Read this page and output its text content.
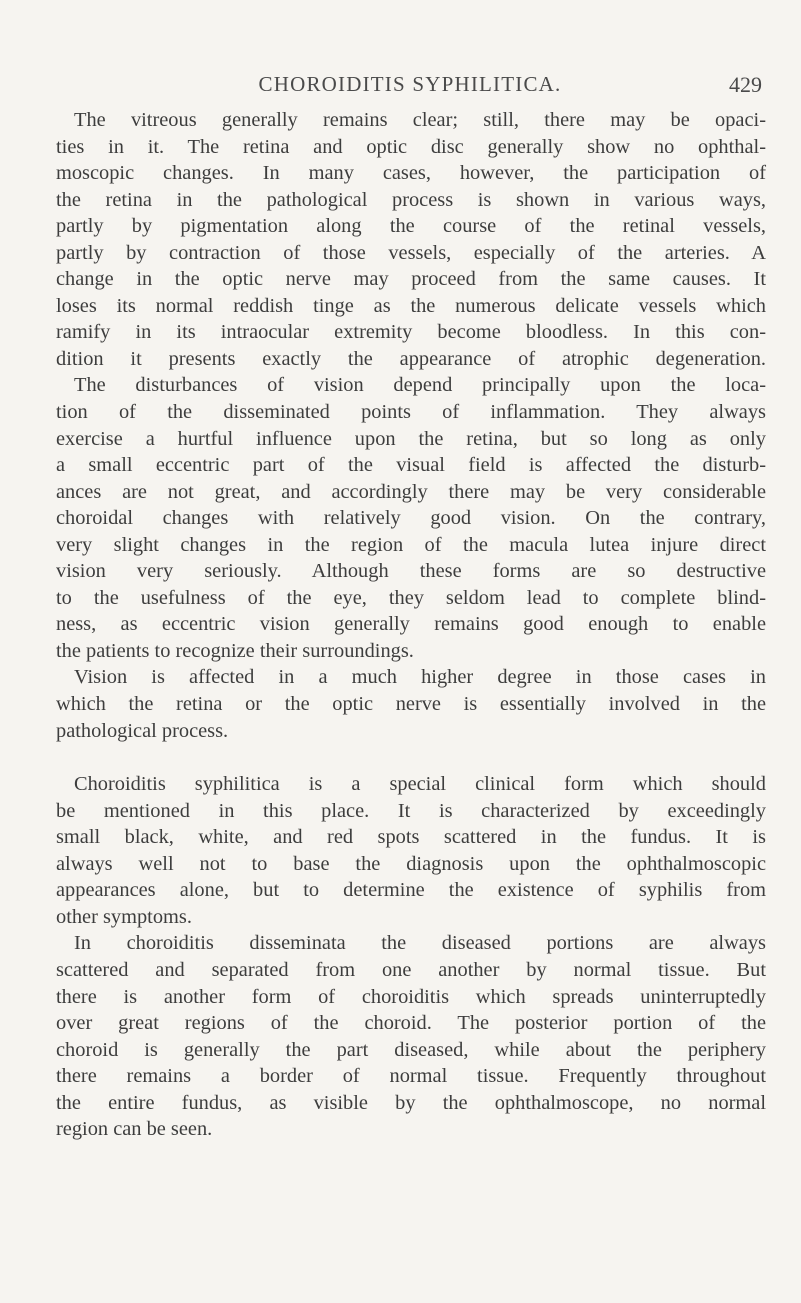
CHOROIDITIS SYPHILITICA.	429
The vitreous generally remains clear; still, there may be opaci-
ties in it. The retina and optic disc generally show no ophthal-
moscopic changes. In many cases, however, the participation of
the retina in the pathological process is shown in various ways,
partly by pigmentation along the course of the retinal vessels,
partly by contraction of those vessels, especially of the arteries. A
change in the optic nerve may proceed from the same causes. It
loses its normal reddish tinge as the numerous delicate vessels which
ramify in its intraocular extremity become bloodless. In this con-
dition it presents exactly the appearance of atrophic degeneration.
The disturbances of vision depend principally upon the loca-
tion of the disseminated points of inflammation. They always
exercise a hurtful influence upon the retina, but so long as only
a small eccentric part of the visual field is affected the disturb-
ances are not great, and accordingly there may be very considerable
choroidal changes with relatively good vision. On the contrary,
very slight changes in the region of the macula lutea injure direct
vision very seriously. Although these forms are so destructive
to the usefulness of the eye, they seldom lead to complete blind-
ness, as eccentric vision generally remains good enough to enable
the patients to recognize their surroundings.
Vision is affected in a much higher degree in those cases in
which the retina or the optic nerve is essentially involved in the
pathological process.
Choroiditis syphilitica is a special clinical form which should
be mentioned in this place. It is characterized by exceedingly
small black, white, and red spots scattered in the fundus. It is
always well not to base the diagnosis upon the ophthalmoscopic
appearances alone, but to determine the existence of syphilis from
other symptoms.
In choroiditis disseminata the diseased portions are always
scattered and separated from one another by normal tissue. But
there is another form of choroiditis which spreads uninterruptedly
over great regions of the choroid. The posterior portion of the
choroid is generally the part diseased, while about the periphery
there remains a border of normal tissue. Frequently throughout
the entire fundus, as visible by the ophthalmoscope, no normal
region can be seen.
